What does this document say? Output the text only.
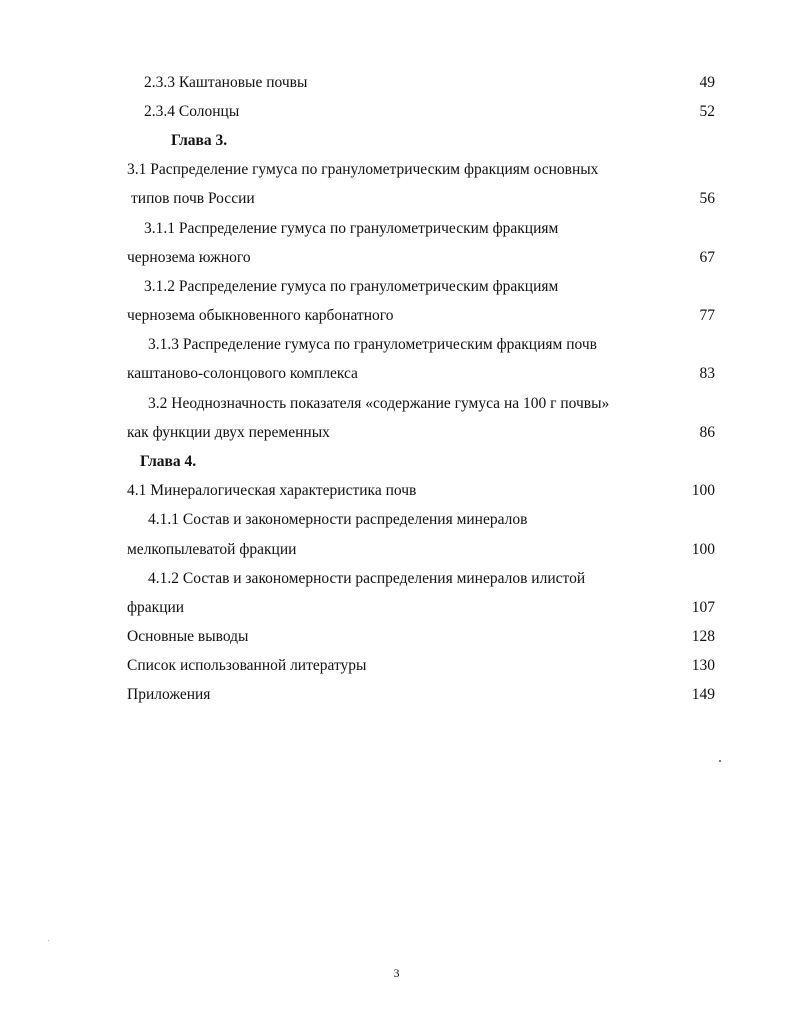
2.3.3 Каштановые почвы	49
2.3.4 Солонцы	52
Глава 3.
3.1 Распределение гумуса по гранулометрическим фракциям основных
типов почв России	56
3.1.1 Распределение гумуса по гранулометрическим фракциям
чернозема южного	67
3.1.2 Распределение гумуса по гранулометрическим фракциям
чернозема обыкновенного карбонатного	77
3.1.3 Распределение гумуса по гранулометрическим фракциям почв
каштаново-солонцового комплекса	83
3.2 Неоднозначность показателя «содержание гумуса на 100 г почвы»
как функции двух переменных	86
Глава 4.
4.1 Минералогическая характеристика почв	100
4.1.1 Состав и закономерности распределения минералов
мелкопылеватой фракции	100
4.1.2 Состав и закономерности распределения минералов илистой
фракции	107
Основные выводы	128
Список использованной литературы	130
Приложения	149
3
